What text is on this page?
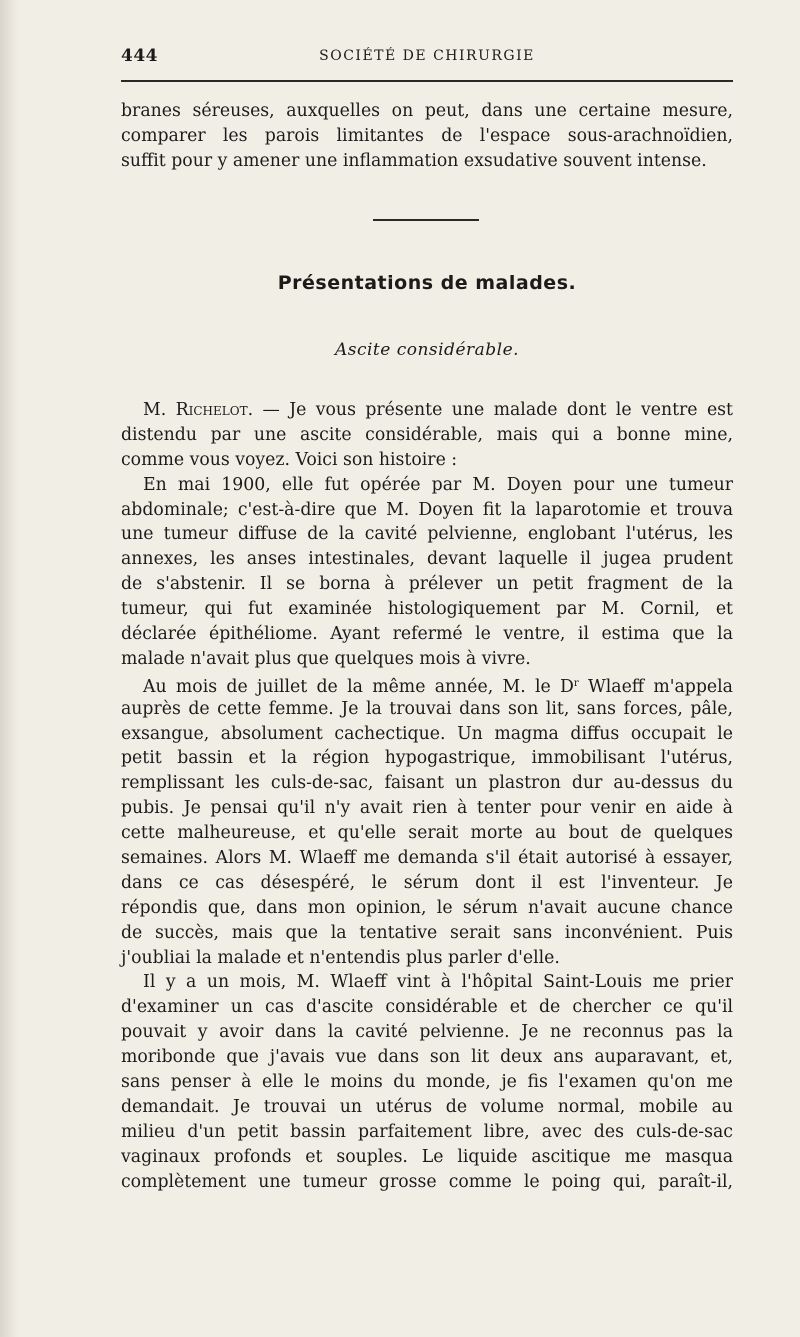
444	SOCIÉTÉ DE CHIRURGIE
branes séreuses, auxquelles on peut, dans une certaine mesure,
comparer les parois limitantes de l'espace sous-arachnoïdien,
suffit pour y amener une inflammation exsudative souvent intense.
Présentations de malades.
Ascite considérable.
M. Richelot. — Je vous présente une malade dont le ventre est
distendu par une ascite considérable, mais qui a bonne mine,
comme vous voyez. Voici son histoire :
En mai 1900, elle fut opérée par M. Doyen pour une tumeur
abdominale; c'est-à-dire que M. Doyen fit la laparotomie et trouva
une tumeur diffuse de la cavité pelvienne, englobant l'utérus, les
annexes, les anses intestinales, devant laquelle il jugea prudent
de s'abstenir. Il se borna à prélever un petit fragment de la
tumeur, qui fut examinée histologiquement par M. Cornil, et
déclarée épithéliome. Ayant refermé le ventre, il estima que la
malade n'avait plus que quelques mois à vivre.
Au mois de juillet de la même année, M. le $D^r$ Wlaeff m'appela
auprès de cette femme. Je la trouvai dans son lit, sans forces, pâle,
exsangue, absolument cachectique. Un magma diffus occupait le
petit bassin et la région hypogastrique, immobilisant l'utérus,
remplissant les culs-de-sac, faisant un plastron dur au-dessus du
pubis. Je pensai qu'il n'y avait rien à tenter pour venir en aide à
cette malheureuse, et qu'elle serait morte au bout de quelques
semaines. Alors M. Wlaeff me demanda s'il était autorisé à essayer,
dans ce cas désespéré, le sérum dont il est l'inventeur. Je
répondis que, dans mon opinion, le sérum n'avait aucune chance
de succès, mais que la tentative serait sans inconvénient. Puis
j'oubliai la malade et n'entendis plus parler d'elle.
Il y a un mois, M. Wlaeff vint à l'hôpital Saint-Louis me prier
d'examiner un cas d'ascite considérable et de chercher ce qu'il
pouvait y avoir dans la cavité pelvienne. Je ne reconnus pas la
moribonde que j'avais vue dans son lit deux ans auparavant, et,
sans penser à elle le moins du monde, je fis l'examen qu'on me
demandait. Je trouvai un utérus de volume normal, mobile au
milieu d'un petit bassin parfaitement libre, avec des culs-de-sac
vaginaux profonds et souples. Le liquide ascitique me masqua
complètement une tumeur grosse comme le poing qui, paraît-il,
